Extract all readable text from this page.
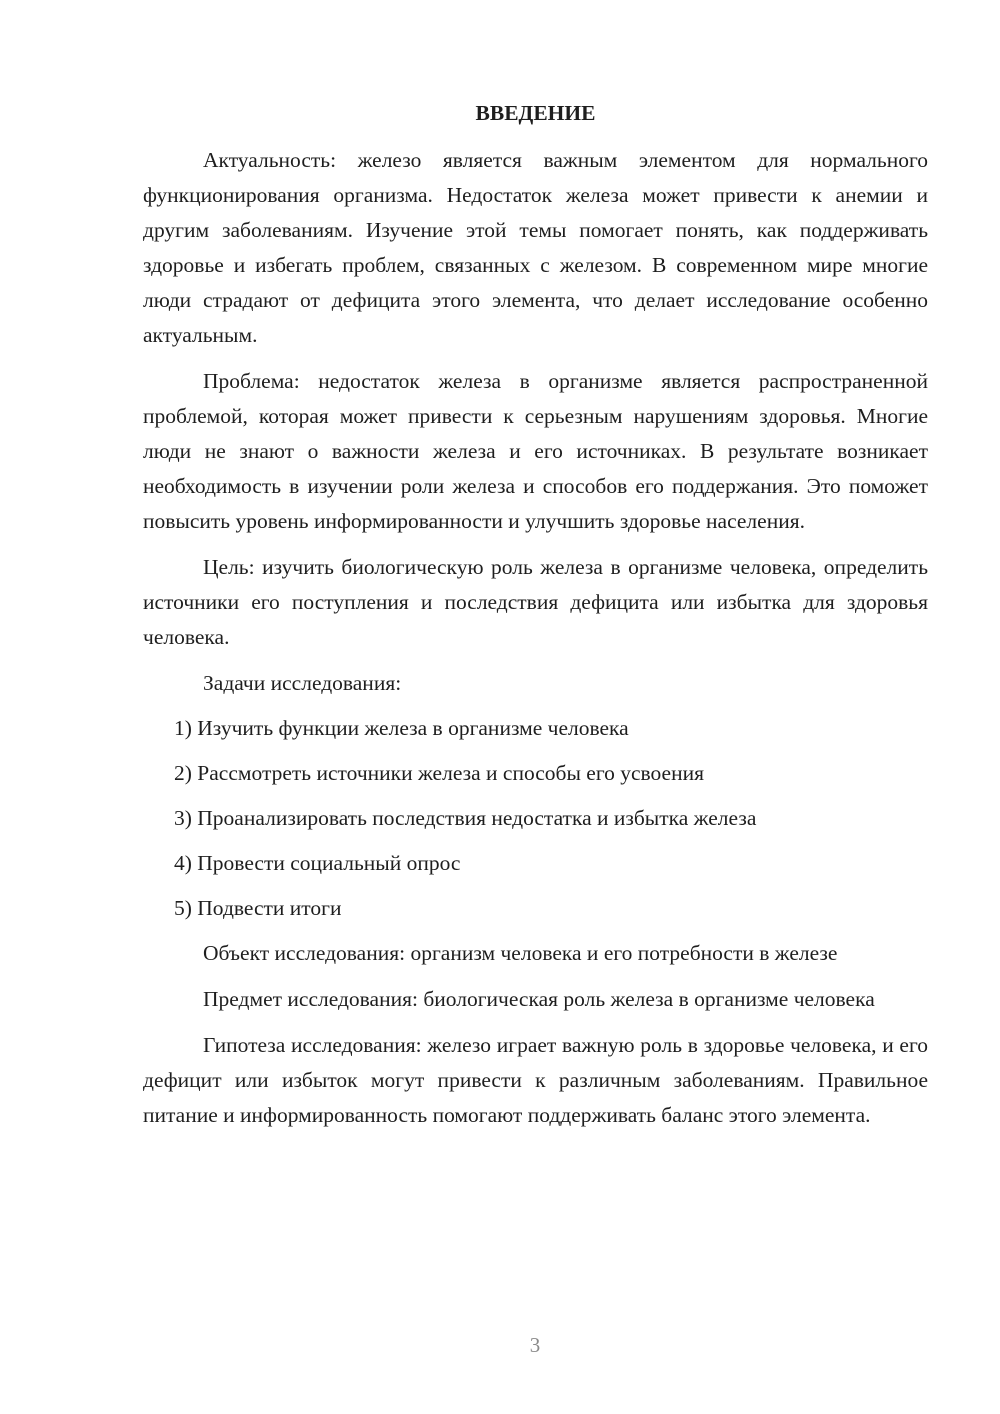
ВВЕДЕНИЕ

Актуальность: железо является важным элементом для нормального функционирования организма. Недостаток железа может привести к анемии и другим заболеваниям. Изучение этой темы помогает понять, как поддерживать здоровье и избегать проблем, связанных с железом. В современном мире многие люди страдают от дефицита этого элемента, что делает исследование особенно актуальным.

Проблема: недостаток железа в организме является распространенной проблемой, которая может привести к серьезным нарушениям здоровья. Многие люди не знают о важности железа и его источниках. В результате возникает необходимость в изучении роли железа и способов его поддержания. Это поможет повысить уровень информированности и улучшить здоровье населения.

Цель: изучить биологическую роль железа в организме человека, определить источники его поступления и последствия дефицита или избытка для здоровья человека.

Задачи исследования:

1) Изучить функции железа в организме человека

2) Рассмотреть источники железа и способы его усвоения

3) Проанализировать последствия недостатка и избытка железа

4) Провести социальный опрос

5) Подвести итоги

Объект исследования: организм человека и его потребности в железе

Предмет исследования: биологическая роль железа в организме человека

Гипотеза исследования: железо играет важную роль в здоровье человека, и его дефицит или избыток могут привести к различным заболеваниям. Правильное питание и информированность помогают поддерживать баланс этого элемента.

3
